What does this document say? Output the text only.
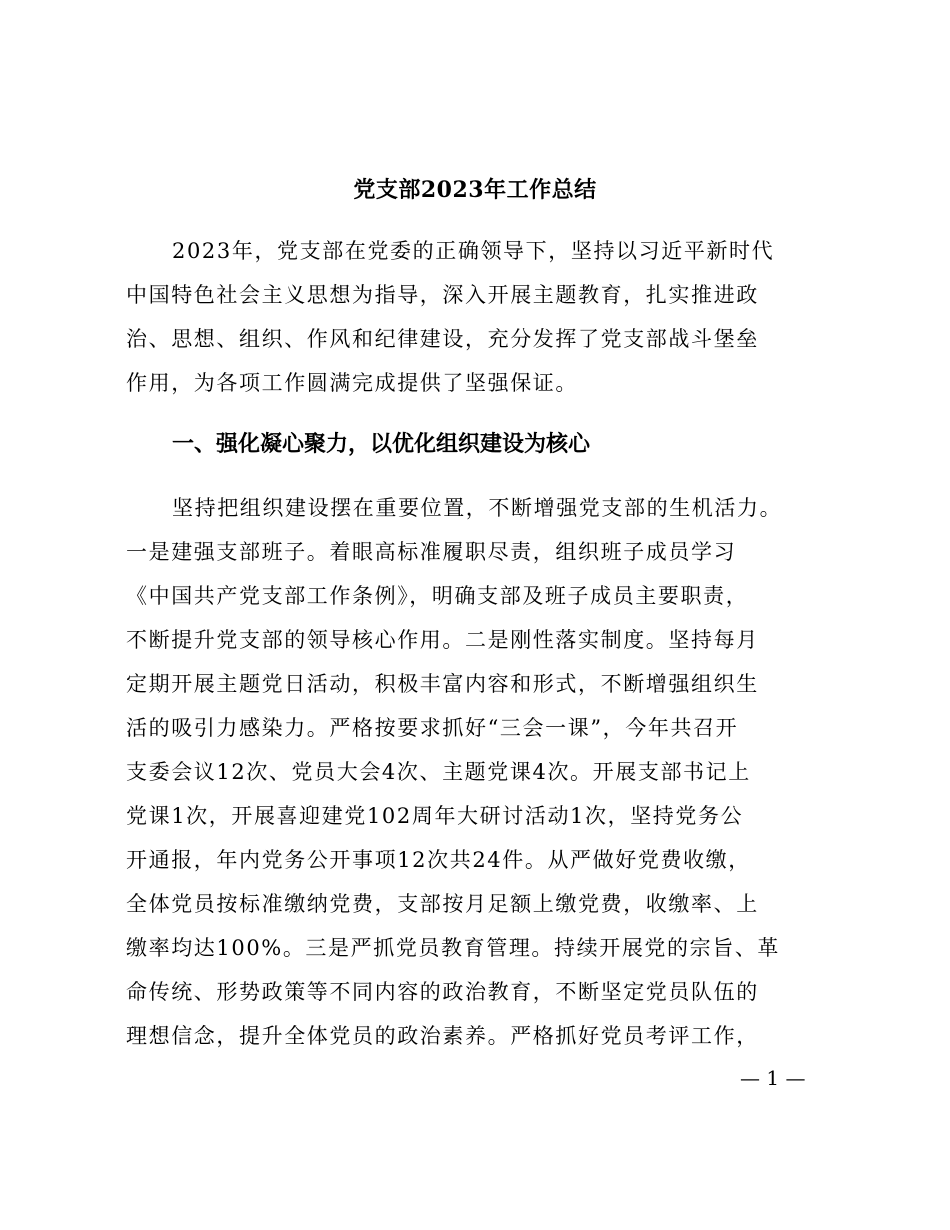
党支部2023年工作总结
2023年，党支部在党委的正确领导下，坚持以习近平新时代
中国特色社会主义思想为指导，深入开展主题教育，扎实推进政
治、思想、组织、作风和纪律建设，充分发挥了党支部战斗堡垒
作用，为各项工作圆满完成提供了坚强保证。
一、强化凝心聚力，以优化组织建设为核心
坚持把组织建设摆在重要位置，不断增强党支部的生机活力。
一是建强支部班子。着眼高标准履职尽责，组织班子成员学习
《中国共产党支部工作条例》，明确支部及班子成员主要职责，
不断提升党支部的领导核心作用。二是刚性落实制度。坚持每月
定期开展主题党日活动，积极丰富内容和形式，不断增强组织生
活的吸引力感染力。严格按要求抓好“三会一课”，今年共召开
支委会议12次、党员大会4次、主题党课4次。开展支部书记上
党课1次，开展喜迎建党102周年大研讨活动1次，坚持党务公
开通报，年内党务公开事项12次共24件。从严做好党费收缴，
全体党员按标准缴纳党费，支部按月足额上缴党费，收缴率、上
缴率均达100%。三是严抓党员教育管理。持续开展党的宗旨、革
命传统、形势政策等不同内容的政治教育，不断坚定党员队伍的
理想信念，提升全体党员的政治素养。严格抓好党员考评工作，
— 1 —
